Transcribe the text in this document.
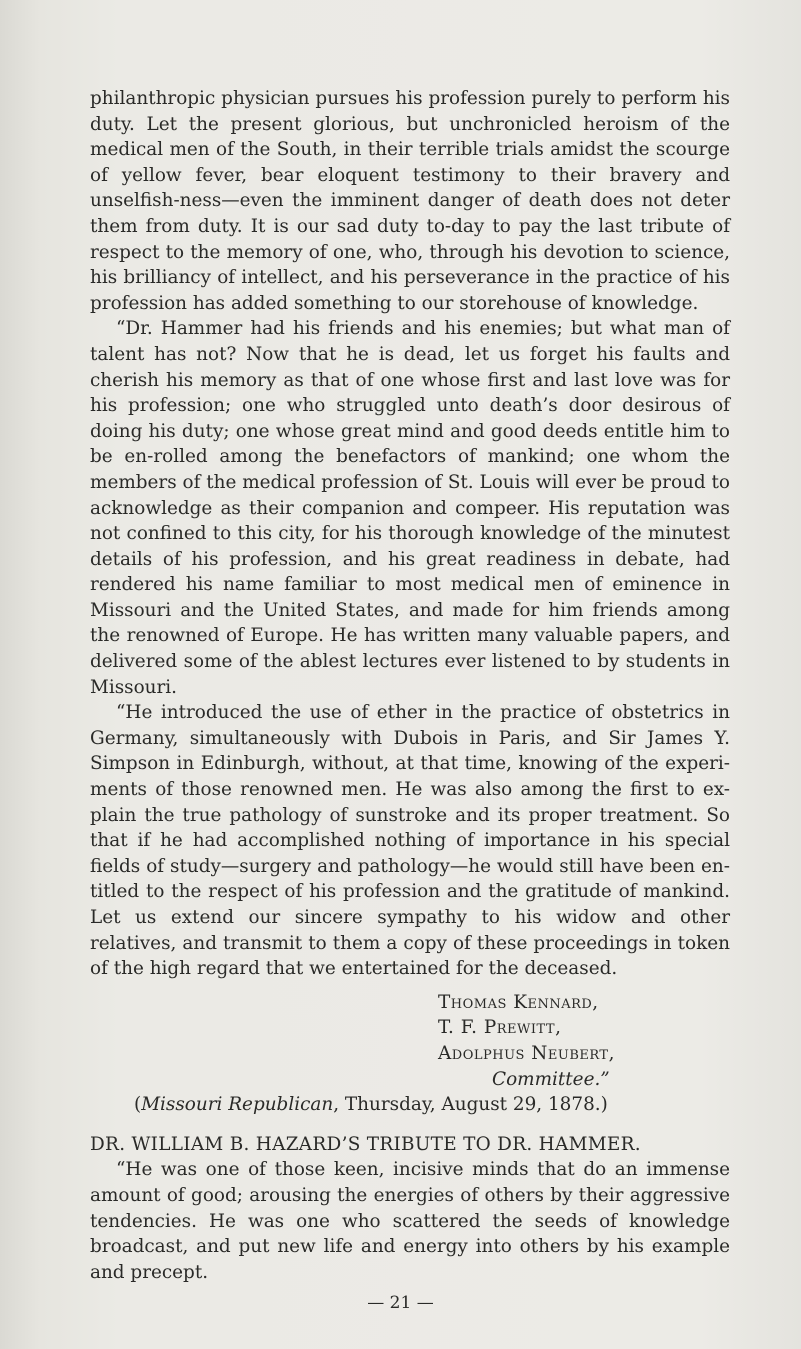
philanthropic physician pursues his profession purely to perform his duty. Let the present glorious, but unchronicled heroism of the medical men of the South, in their terrible trials amidst the scourge of yellow fever, bear eloquent testimony to their bravery and unselfish-ness—even the imminent danger of death does not deter them from duty. It is our sad duty to-day to pay the last tribute of respect to the memory of one, who, through his devotion to science, his brilliancy of intellect, and his perseverance in the practice of his profession has added something to our storehouse of knowledge.

“Dr. Hammer had his friends and his enemies; but what man of talent has not? Now that he is dead, let us forget his faults and cherish his memory as that of one whose first and last love was for his profession; one who struggled unto death’s door desirous of doing his duty; one whose great mind and good deeds entitle him to be en-rolled among the benefactors of mankind; one whom the members of the medical profession of St. Louis will ever be proud to acknowledge as their companion and compeer. His reputation was not confined to this city, for his thorough knowledge of the minutest details of his profession, and his great readiness in debate, had rendered his name familiar to most medical men of eminence in Missouri and the United States, and made for him friends among the renowned of Europe. He has written many valuable papers, and delivered some of the ablest lectures ever listened to by students in Missouri.

“He introduced the use of ether in the practice of obstetrics in Germany, simultaneously with Dubois in Paris, and Sir James Y. Simpson in Edinburgh, without, at that time, knowing of the experi-ments of those renowned men. He was also among the first to ex-plain the true pathology of sunstroke and its proper treatment. So that if he had accomplished nothing of importance in his special fields of study—surgery and pathology—he would still have been en-titled to the respect of his profession and the gratitude of mankind. Let us extend our sincere sympathy to his widow and other relatives, and transmit to them a copy of these proceedings in token of the high regard that we entertained for the deceased.

Thomas Kennard,
T. F. Prewitt,
Adolphus Neubert,
Committee.”
(Missouri Republican, Thursday, August 29, 1878.)
DR. WILLIAM B. HAZARD’S TRIBUTE TO DR. HAMMER.

“He was one of those keen, incisive minds that do an immense amount of good; arousing the energies of others by their aggressive tendencies. He was one who scattered the seeds of knowledge broadcast, and put new life and energy into others by his example and precept.

— 21 —
